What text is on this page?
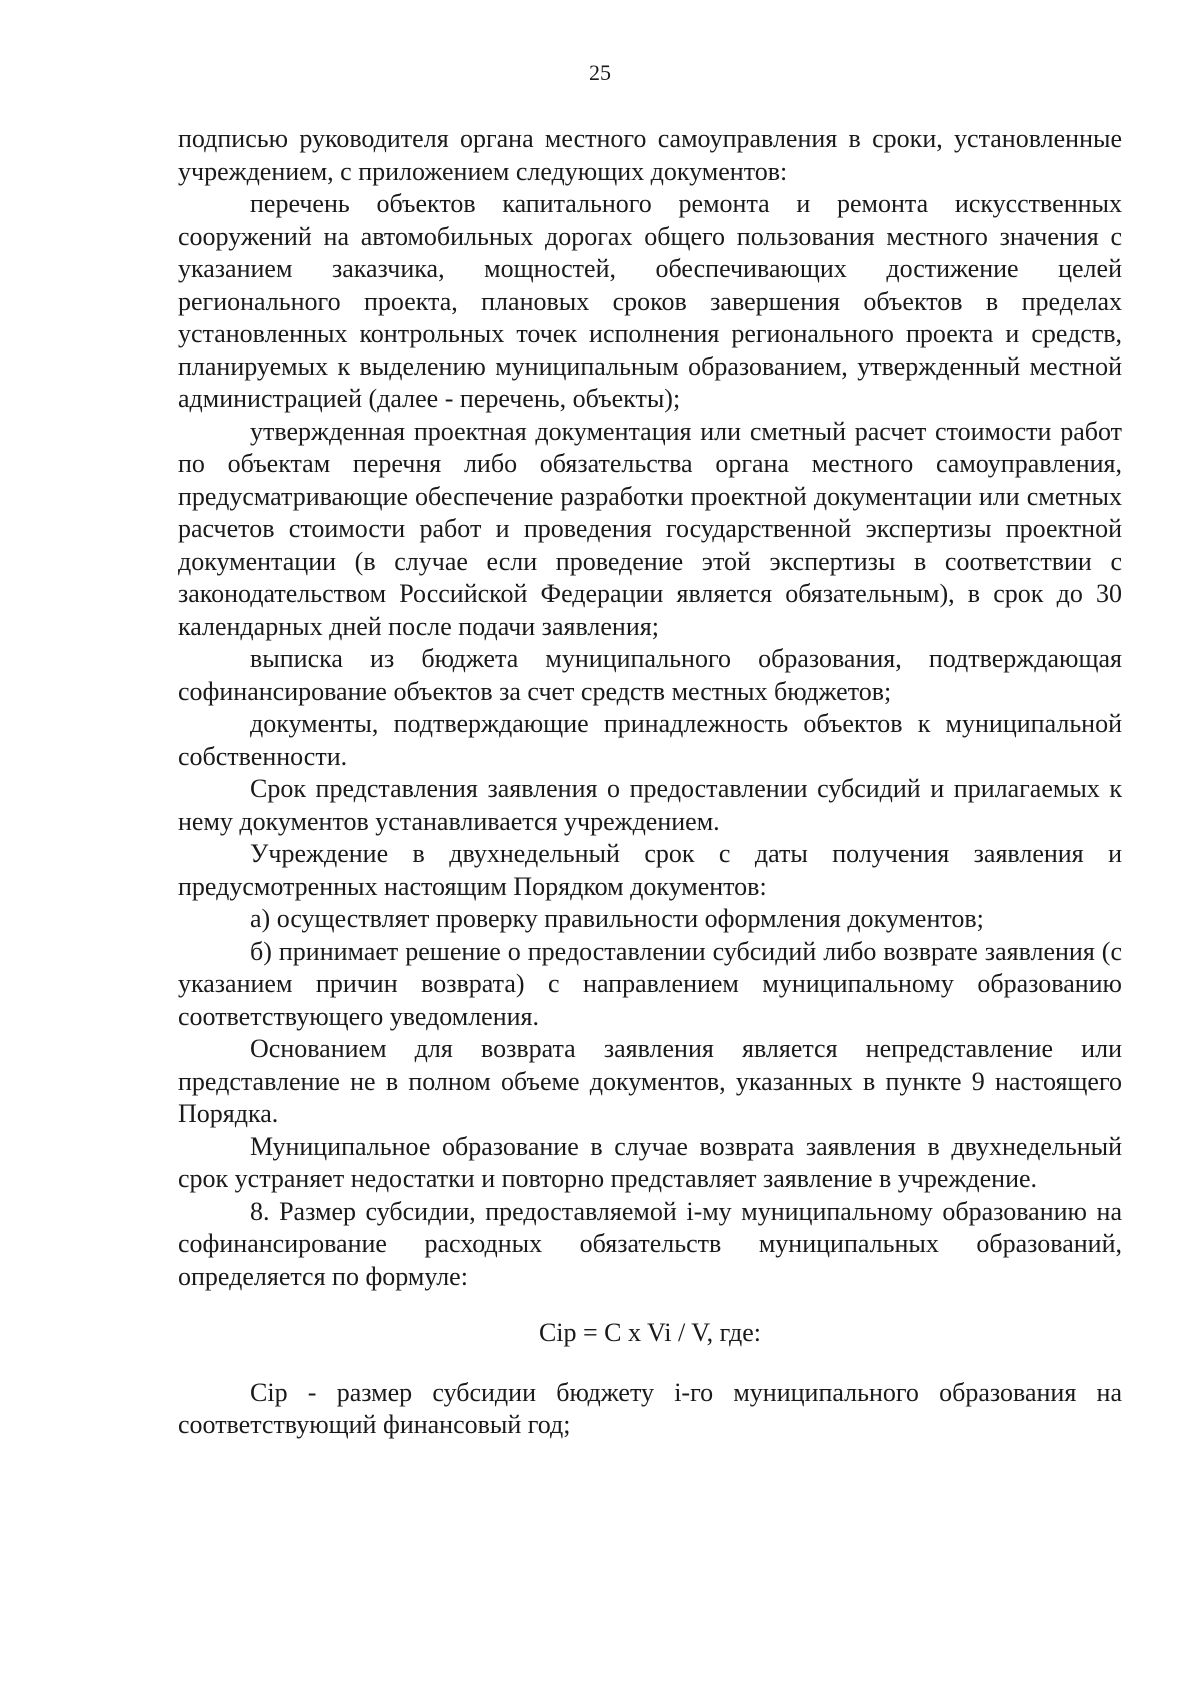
25

подписью руководителя органа местного самоуправления в сроки, установленные учреждением, с приложением следующих документов:

перечень объектов капитального ремонта и ремонта искусственных сооружений на автомобильных дорогах общего пользования местного значения с указанием заказчика, мощностей, обеспечивающих достижение целей регионального проекта, плановых сроков завершения объектов в пределах установленных контрольных точек исполнения регионального проекта и средств, планируемых к выделению муниципальным образованием, утвержденный местной администрацией (далее - перечень, объекты);

утвержденная проектная документация или сметный расчет стоимости работ по объектам перечня либо обязательства органа местного самоуправления, предусматривающие обеспечение разработки проектной документации или сметных расчетов стоимости работ и проведения государственной экспертизы проектной документации (в случае если проведение этой экспертизы в соответствии с законодательством Российской Федерации является обязательным), в срок до 30 календарных дней после подачи заявления;

выписка из бюджета муниципального образования, подтверждающая софинансирование объектов за счет средств местных бюджетов;

документы, подтверждающие принадлежность объектов к муниципальной собственности.

Срок представления заявления о предоставлении субсидий и прилагаемых к нему документов устанавливается учреждением.

Учреждение в двухнедельный срок с даты получения заявления и предусмотренных настоящим Порядком документов:

а) осуществляет проверку правильности оформления документов;

б) принимает решение о предоставлении субсидий либо возврате заявления (с указанием причин возврата) с направлением муниципальному образованию соответствующего уведомления.

Основанием для возврата заявления является непредставление или представление не в полном объеме документов, указанных в пункте 9 настоящего Порядка.

Муниципальное образование в случае возврата заявления в двухнедельный срок устраняет недостатки и повторно представляет заявление в учреждение.

8. Размер субсидии, предоставляемой i-му муниципальному образованию на софинансирование расходных обязательств муниципальных образований, определяется по формуле:

Cip = C x Vi / V, где:

Cip - размер субсидии бюджету i-го муниципального образования на соответствующий финансовый год;
